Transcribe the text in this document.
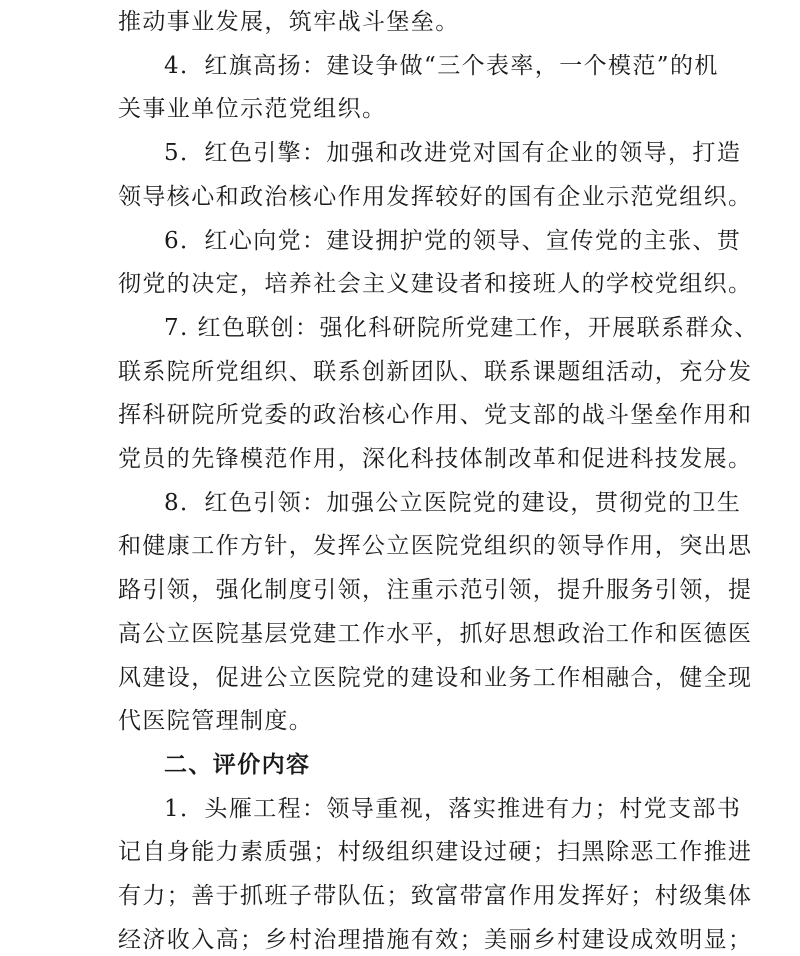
推动事业发展，筑牢战斗堡垒。
4．红旗高扬：建设争做“三个表率，一个模范”的机
关事业单位示范党组织。
5．红色引擎：加强和改进党对国有企业的领导，打造
领导核心和政治核心作用发挥较好的国有企业示范党组织。
6．红心向党：建设拥护党的领导、宣传党的主张、贯
彻党的决定，培养社会主义建设者和接班人的学校党组织。
7. 红色联创：强化科研院所党建工作，开展联系群众、
联系院所党组织、联系创新团队、联系课题组活动，充分发
挥科研院所党委的政治核心作用、党支部的战斗堡垒作用和
党员的先锋模范作用，深化科技体制改革和促进科技发展。
8．红色引领：加强公立医院党的建设，贯彻党的卫生
和健康工作方针，发挥公立医院党组织的领导作用，突出思
路引领，强化制度引领，注重示范引领，提升服务引领，提
高公立医院基层党建工作水平，抓好思想政治工作和医德医
风建设，促进公立医院党的建设和业务工作相融合，健全现
代医院管理制度。
二、评价内容
1．头雁工程：领导重视，落实推进有力；村党支部书
记自身能力素质强；村级组织建设过硬；扫黑除恶工作推进
有力；善于抓班子带队伍；致富带富作用发挥好；村级集体
经济收入高；乡村治理措施有效；美丽乡村建设成效明显；
